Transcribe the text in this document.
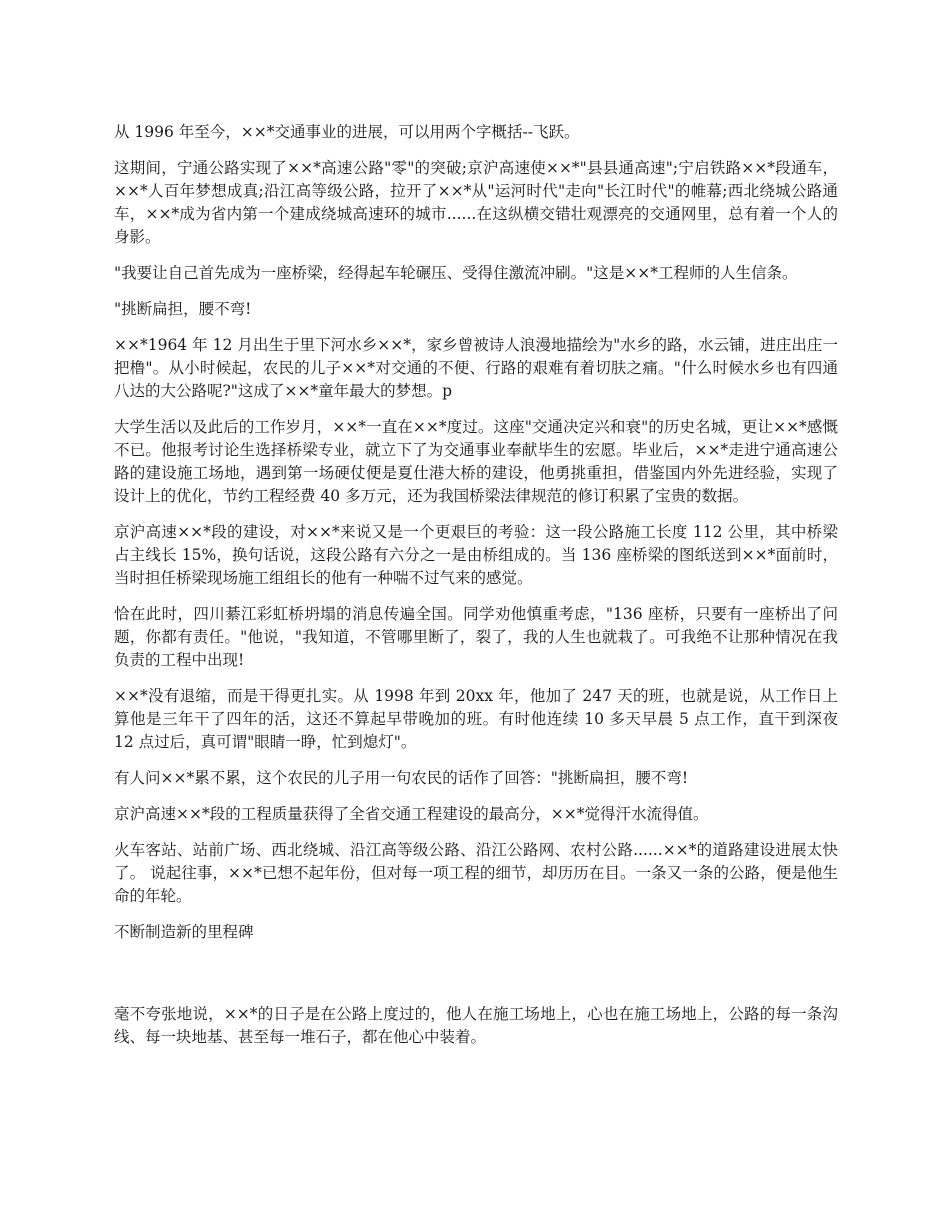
从 1996 年至今，××*交通事业的进展，可以用两个字概括--飞跃。

这期间，宁通公路实现了××*高速公路"零"的突破;京沪高速使××*"县县通高速";宁启铁路××*段通车，××*人百年梦想成真;沿江高等级公路，拉开了××*从"运河时代"走向"长江时代"的帷幕;西北绕城公路通车，××*成为省内第一个建成绕城高速环的城市......在这纵横交错壮观漂亮的交通网里，总有着一个人的身影。

"我要让自己首先成为一座桥梁，经得起车轮碾压、受得住激流冲刷。"这是××*工程师的人生信条。

"挑断扁担，腰不弯!

××*1964 年 12 月出生于里下河水乡××*，家乡曾被诗人浪漫地描绘为"水乡的路，水云铺，进庄出庄一把橹"。从小时候起，农民的儿子××*对交通的不便、行路的艰难有着切肤之痛。"什么时候水乡也有四通八达的大公路呢?"这成了××*童年最大的梦想。p

大学生活以及此后的工作岁月，××*一直在××*度过。这座"交通决定兴和衰"的历史名城，更让××*感慨不已。他报考讨论生选择桥梁专业，就立下了为交通事业奉献毕生的宏愿。毕业后，××*走进宁通高速公路的建设施工场地，遇到第一场硬仗便是夏仕港大桥的建设，他勇挑重担，借鉴国内外先进经验，实现了设计上的优化，节约工程经费 40 多万元，还为我国桥梁法律规范的修订积累了宝贵的数据。

京沪高速××*段的建设，对××*来说又是一个更艰巨的考验：这一段公路施工长度 112 公里，其中桥梁占主线长 15%，换句话说，这段公路有六分之一是由桥组成的。当 136 座桥梁的图纸送到××*面前时，当时担任桥梁现场施工组组长的他有一种喘不过气来的感觉。

恰在此时，四川綦江彩虹桥坍塌的消息传遍全国。同学劝他慎重考虑，"136 座桥，只要有一座桥出了问题，你都有责任。"他说，"我知道，不管哪里断了，裂了，我的人生也就栽了。可我绝不让那种情况在我负责的工程中出现!

××*没有退缩，而是干得更扎实。从 1998 年到 20xx 年，他加了 247 天的班，也就是说，从工作日上算他是三年干了四年的活，这还不算起早带晚加的班。有时他连续 10 多天早晨 5 点工作，直干到深夜 12 点过后，真可谓"眼睛一睁，忙到熄灯"。

有人问××*累不累，这个农民的儿子用一句农民的话作了回答："挑断扁担，腰不弯!

京沪高速××*段的工程质量获得了全省交通工程建设的最高分，××*觉得汗水流得值。

火车客站、站前广场、西北绕城、沿江高等级公路、沿江公路网、农村公路......××*的道路建设进展太快了。 说起往事，××*已想不起年份，但对每一项工程的细节，却历历在目。一条又一条的公路，便是他生命的年轮。

不断制造新的里程碑

毫不夸张地说，××*的日子是在公路上度过的，他人在施工场地上，心也在施工场地上，公路的每一条沟线、每一块地基、甚至每一堆石子，都在他心中装着。
